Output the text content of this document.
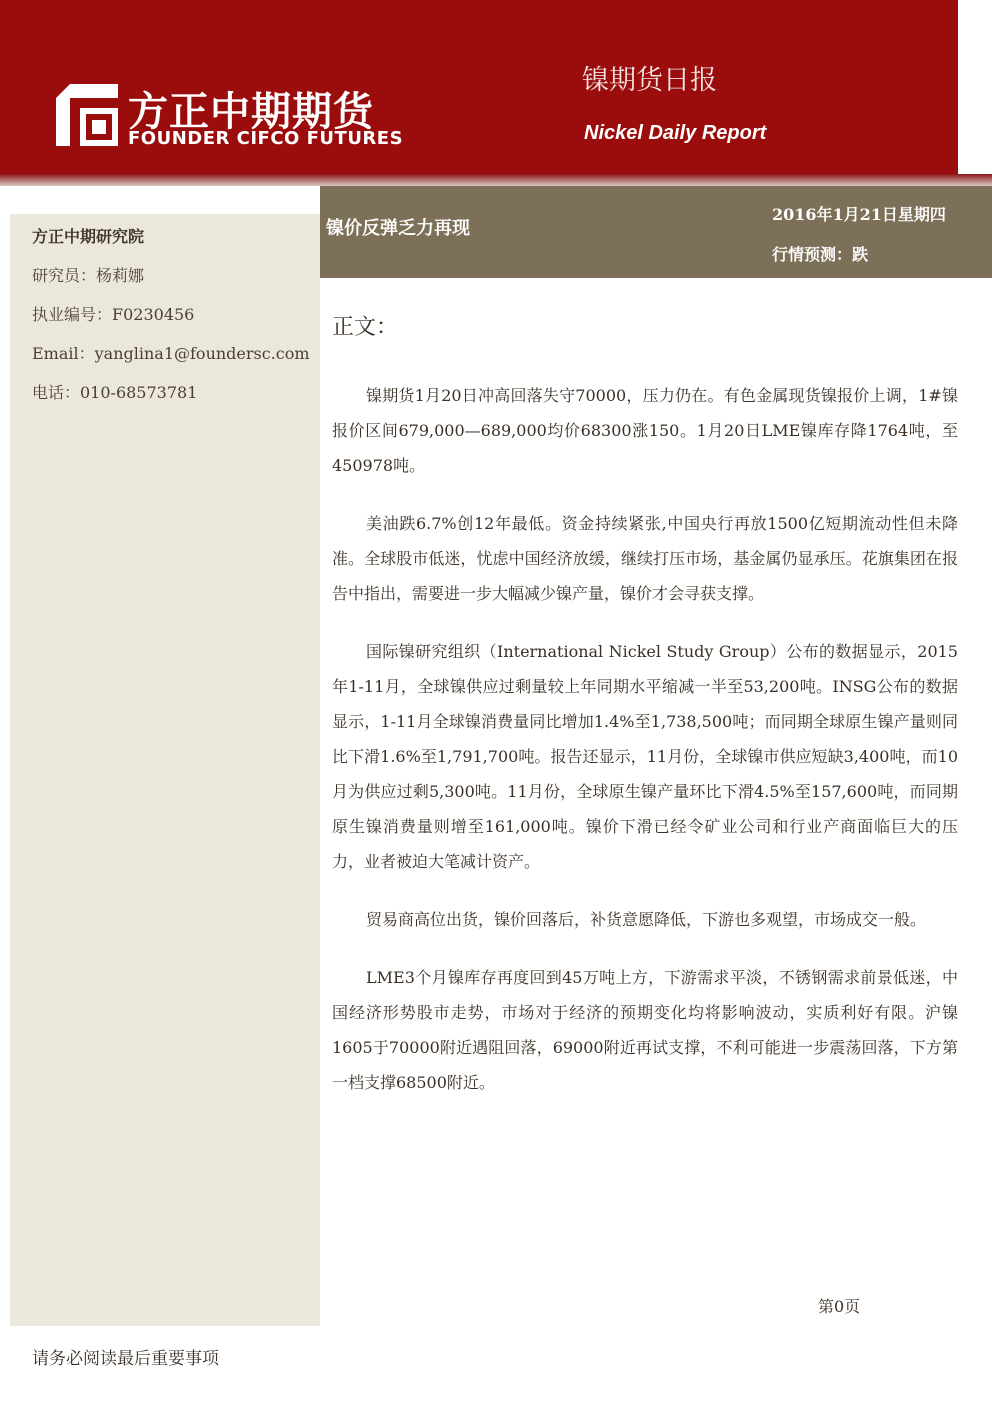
方正中期期货
FOUNDER CIFCO FUTURES
镍期货日报
Nickel Daily Report
方正中期研究院
研究员：杨莉娜
执业编号：F0230456
Email：yanglina1@foundersc.com
电话：010-68573781
镍价反弹乏力再现
2016年1月21日星期四
行情预测：跌
正文：

镍期货1月20日冲高回落失守70000，压力仍在。有色金属现货镍报价上调，1#镍报价区间679,000—689,000均价68300涨150。1月20日LME镍库存降1764吨，至450978吨。

美油跌6.7%创12年最低。资金持续紧张,中国央行再放1500亿短期流动性但未降准。全球股市低迷，忧虑中国经济放缓，继续打压市场，基金属仍显承压。花旗集团在报告中指出，需要进一步大幅减少镍产量，镍价才会寻获支撑。

国际镍研究组织（International Nickel Study Group）公布的数据显示，2015年1-11月，全球镍供应过剩量较上年同期水平缩减一半至53,200吨。INSG公布的数据显示，1-11月全球镍消费量同比增加1.4%至1,738,500吨；而同期全球原生镍产量则同比下滑1.6%至1,791,700吨。报告还显示，11月份，全球镍市供应短缺3,400吨，而10月为供应过剩5,300吨。11月份，全球原生镍产量环比下滑4.5%至157,600吨，而同期原生镍消费量则增至161,000吨。镍价下滑已经令矿业公司和行业产商面临巨大的压力，业者被迫大笔减计资产。

贸易商高位出货，镍价回落后，补货意愿降低，下游也多观望，市场成交一般。

LME3个月镍库存再度回到45万吨上方，下游需求平淡，不锈钢需求前景低迷，中国经济形势股市走势，市场对于经济的预期变化均将影响波动，实质利好有限。沪镍1605于70000附近遇阻回落，69000附近再试支撑，不利可能进一步震荡回落，下方第一档支撑68500附近。

第0页
请务必阅读最后重要事项
